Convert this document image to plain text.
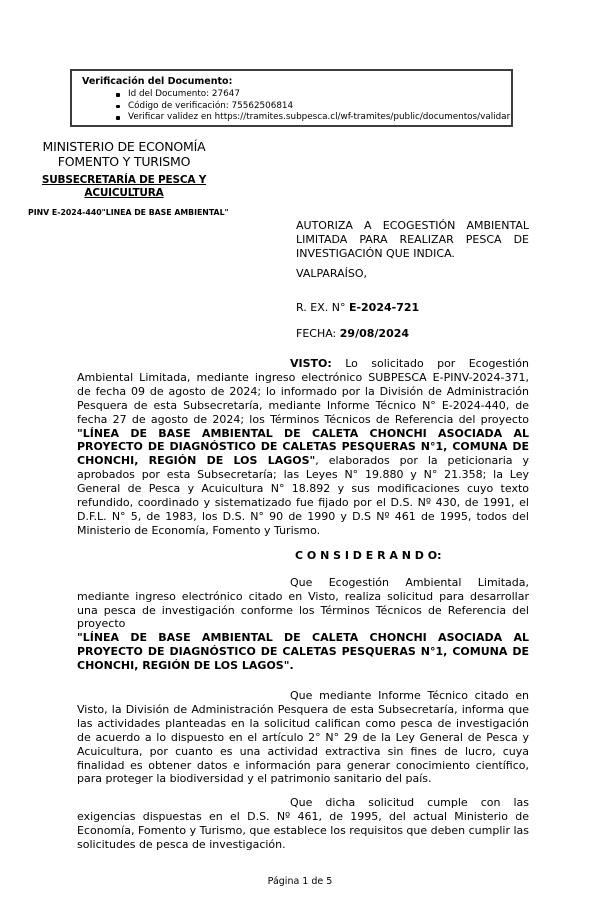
Verificación del Documento:
Id del Documento: 27647
Código de verificación: 75562506814
Verificar validez en https://tramites.subpesca.cl/wf-tramites/public/documentos/validar
MINISTERIO DE ECONOMÍA
FOMENTO Y TURISMO
SUBSECRETARÍA DE PESCA Y
ACUICULTURA
PINV E-2024-440"LINEA DE BASE AMBIENTAL"

AUTORIZA A ECOGESTIÓN AMBIENTAL LIMITADA PARA REALIZAR PESCA DE INVESTIGACIÓN QUE INDICA.

VALPARAÍSO,

R. EX. N° E-2024-721

FECHA: 29/08/2024

VISTO: Lo solicitado por Ecogestión Ambiental Limitada, mediante ingreso electrónico SUBPESCA E-PINV-2024-371, de fecha 09 de agosto de 2024; lo informado por la División de Administración Pesquera de esta Subsecretaría, mediante Informe Técnico N° E-2024-440, de fecha 27 de agosto de 2024; los Términos Técnicos de Referencia del proyecto "LÍNEA DE BASE AMBIENTAL DE CALETA CHONCHI ASOCIADA AL PROYECTO DE DIAGNÓSTICO DE CALETAS PESQUERAS N°1, COMUNA DE CHONCHI, REGIÓN DE LOS LAGOS", elaborados por la peticionaria y aprobados por esta Subsecretaría; las Leyes N° 19.880 y N° 21.358; la Ley General de Pesca y Acuicultura N° 18.892 y sus modificaciones cuyo texto refundido, coordinado y sistematizado fue fijado por el D.S. Nº 430, de 1991, el D.F.L. N° 5, de 1983, los D.S. N° 90 de 1990 y D.S Nº 461 de 1995, todos del Ministerio de Economía, Fomento y Turismo.

C O N S I D E R A N D O:

Que Ecogestión Ambiental Limitada, mediante ingreso electrónico citado en Visto, realiza solicitud para desarrollar una pesca de investigación conforme los Términos Técnicos de Referencia del proyecto
"LÍNEA DE BASE AMBIENTAL DE CALETA CHONCHI ASOCIADA AL PROYECTO DE DIAGNÓSTICO DE CALETAS PESQUERAS N°1, COMUNA DE CHONCHI, REGIÓN DE LOS LAGOS".

Que mediante Informe Técnico citado en Visto, la División de Administración Pesquera de esta Subsecretaría, informa que las actividades planteadas en la solicitud califican como pesca de investigación de acuerdo a lo dispuesto en el artículo 2° N° 29 de la Ley General de Pesca y Acuicultura, por cuanto es una actividad extractiva sin fines de lucro, cuya finalidad es obtener datos e información para generar conocimiento científico, para proteger la biodiversidad y el patrimonio sanitario del país.

Que dicha solicitud cumple con las exigencias dispuestas en el D.S. Nº 461, de 1995, del actual Ministerio de Economía, Fomento y Turismo, que establece los requisitos que deben cumplir las solicitudes de pesca de investigación.

Página 1 de 5
